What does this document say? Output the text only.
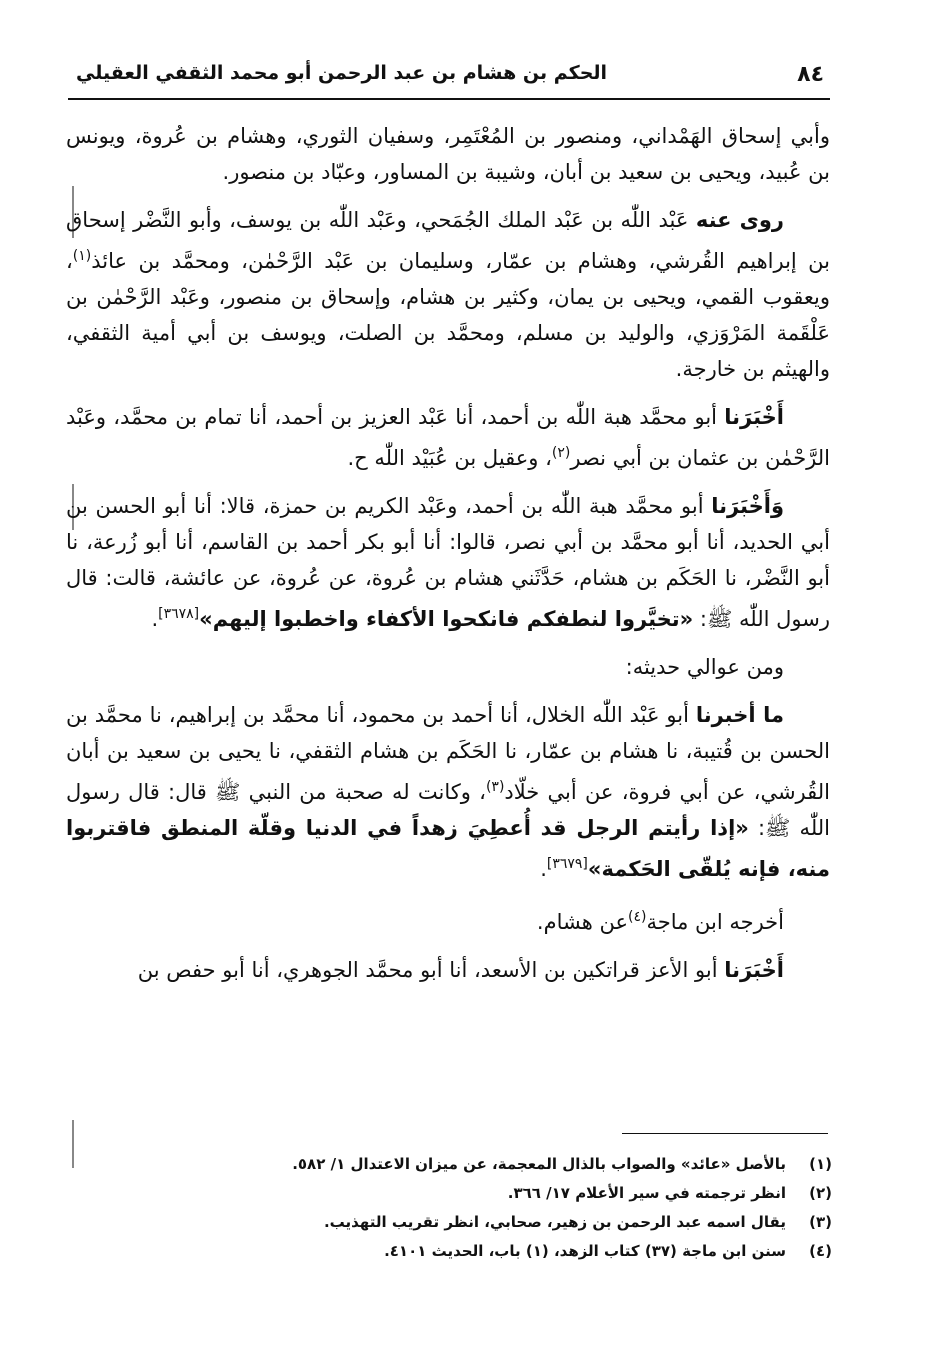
٨٤
الحكم بن هشام بن عبد الرحمن أبو محمد الثقفي العقيلي

وأبي إسحاق الهَمْداني، ومنصور بن المُعْتَمِر، وسفيان الثوري، وهشام بن عُروة، ويونس بن عُبيد، ويحيى بن سعيد بن أبان، وشيبة بن المساور، وعبّاد بن منصور.

روى عنه عَبْد اللّٰه بن عَبْد الملك الجُمَحي، وعَبْد اللّٰه بن يوسف، وأبو النَّضْر إسحاق بن إبراهيم القُرشي، وهشام بن عمّار، وسليمان بن عَبْد الرَّحْمٰن، ومحمَّد بن عائذ$^{(١)}$، ويعقوب القمي، ويحيى بن يمان، وكثير بن هشام، وإسحاق بن منصور، وعَبْد الرَّحْمٰن بن عَلْقَمة المَرْوَزي، والوليد بن مسلم، ومحمَّد بن الصلت، ويوسف بن أبي أمية الثقفي، والهيثم بن خارجة.

أَخْبَرَنا أبو محمَّد هبة اللّٰه بن أحمد، أنا عَبْد العزيز بن أحمد، أنا تمام بن محمَّد، وعَبْد الرَّحْمٰن بن عثمان بن أبي نصر$^{(٢)}$، وعقيل بن عُبَيْد اللّٰه ح.

وَأَخْبَرَنا أبو محمَّد هبة اللّٰه بن أحمد، وعَبْد الكريم بن حمزة، قالا: أنا أبو الحسن بن أبي الحديد، أنا أبو محمَّد بن أبي نصر، قالوا: أنا أبو بكر أحمد بن القاسم، أنا أبو زُرعة، نا أبو النَّضْر، نا الحَكَم بن هشام، حَدَّثَني هشام بن عُروة، عن عُروة، عن عائشة، قالت: قال رسول اللّٰه ﷺ: «تخيَّروا لنطفكم فانكحوا الأكفاء واخطبوا إليهم»[٣٦٧٨].

ومن عوالي حديثه:

ما أخبرنا أبو عَبْد اللّٰه الخلال، أنا أحمد بن محمود، أنا محمَّد بن إبراهيم، نا محمَّد بن الحسن بن قُتيبة، نا هشام بن عمّار، نا الحَكَم بن هشام الثقفي، نا يحيى بن سعيد بن أبان القُرشي، عن أبي فروة، عن أبي خلّاد$^{(٣)}$، وكانت له صحبة من النبي ﷺ قال: قال رسول اللّٰه ﷺ: «إذا رأيتم الرجل قد أُعطِيَ زهداً في الدنيا وقلّة المنطق فاقتربوا منه، فإنه يُلقّى الحَكمة»[٣٦٧٩].

أخرجه ابن ماجة$^{(٤)}$عن هشام.

أَخْبَرَنا أبو الأعز قراتكين بن الأسعد، أنا أبو محمَّد الجوهري، أنا أبو حفص بن

(١)
بالأصل «عائد» والصواب بالذال المعجمة، عن ميزان الاعتدال ١/ ٥٨٢.
(٢)
انظر ترجمته في سير الأعلام ١٧/ ٣٦٦.
(٣)
يقال اسمه عبد الرحمن بن زهير، صحابي، انظر تقريب التهذيب.
(٤)
سنن ابن ماجة (٣٧) كتاب الزهد، (١) باب، الحديث ٤١٠١.
